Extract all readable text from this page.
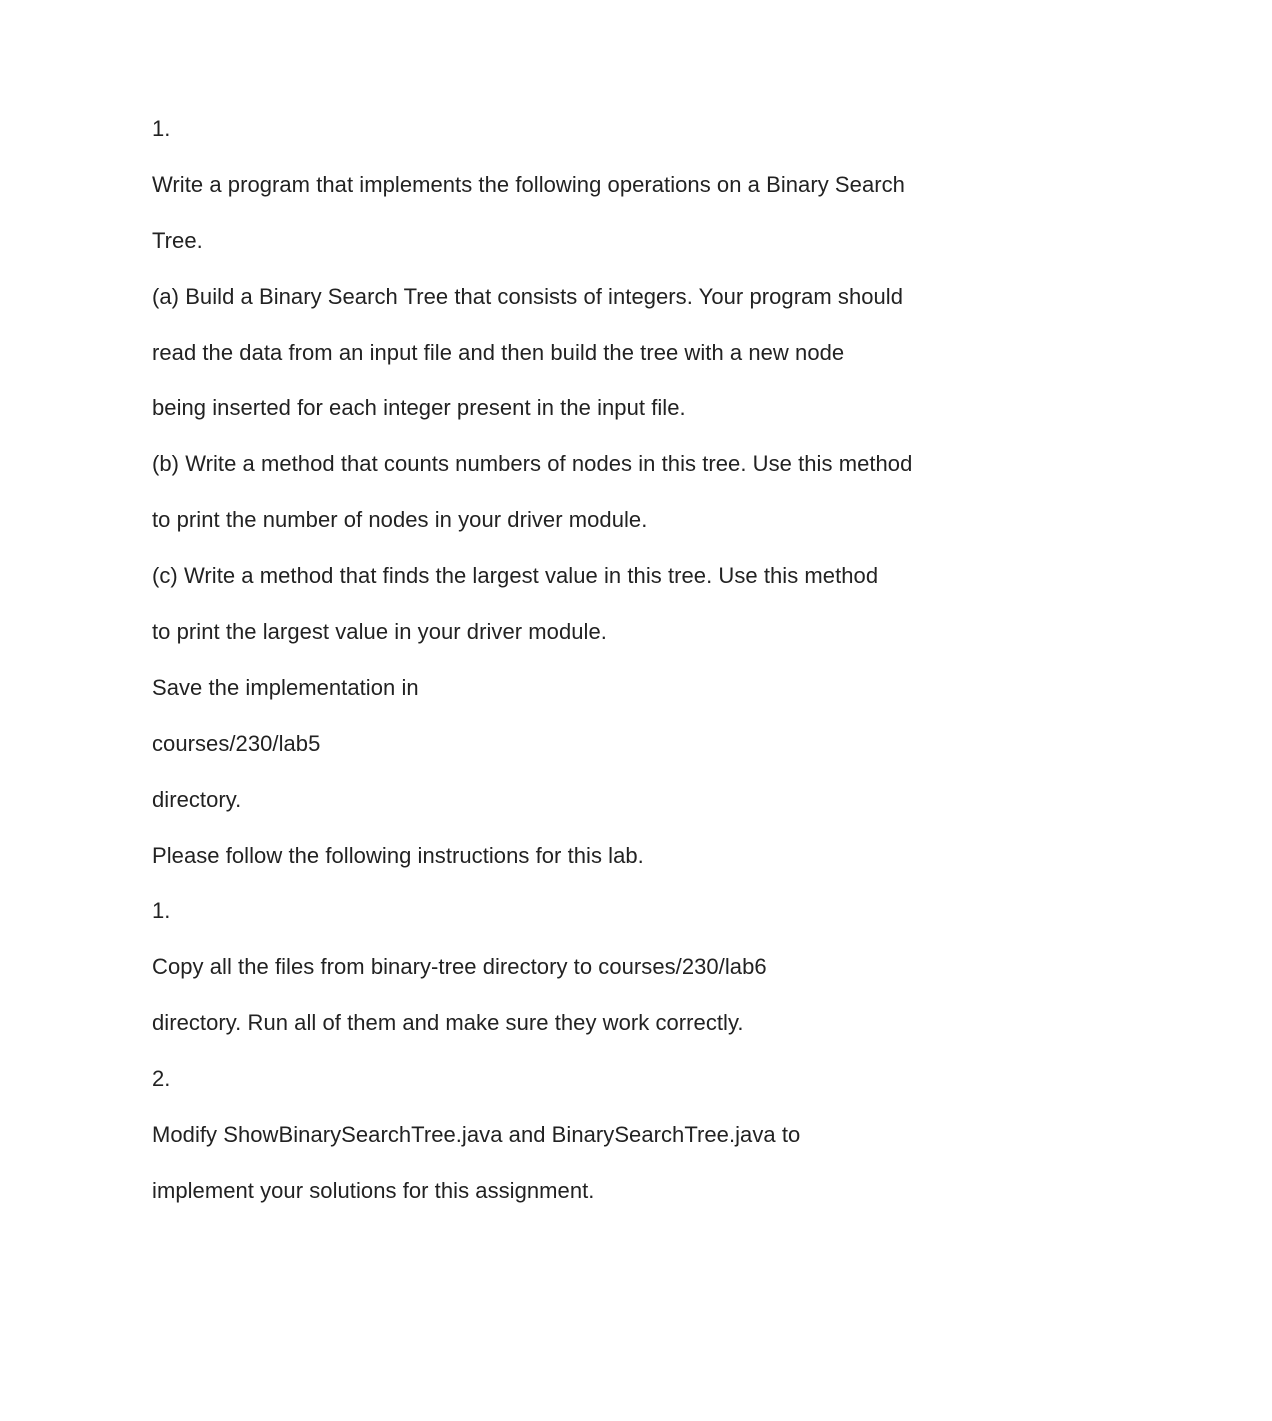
1.
Write a program that implements the following operations on a Binary Search
Tree.
(a) Build a Binary Search Tree that consists of integers. Your program should
read the data from an input file and then build the tree with a new node
being inserted for each integer present in the input file.
(b) Write a method that counts numbers of nodes in this tree. Use this method
to print the number of nodes in your driver module.
(c) Write a method that finds the largest value in this tree. Use this method
to print the largest value in your driver module.
Save the implementation in
courses/230/lab5
directory.
Please follow the following instructions for this lab.
1.
Copy all the files from binary-tree directory to courses/230/lab6
directory. Run all of them and make sure they work correctly.
2.
Modify ShowBinarySearchTree.java and BinarySearchTree.java to
implement your solutions for this assignment.
